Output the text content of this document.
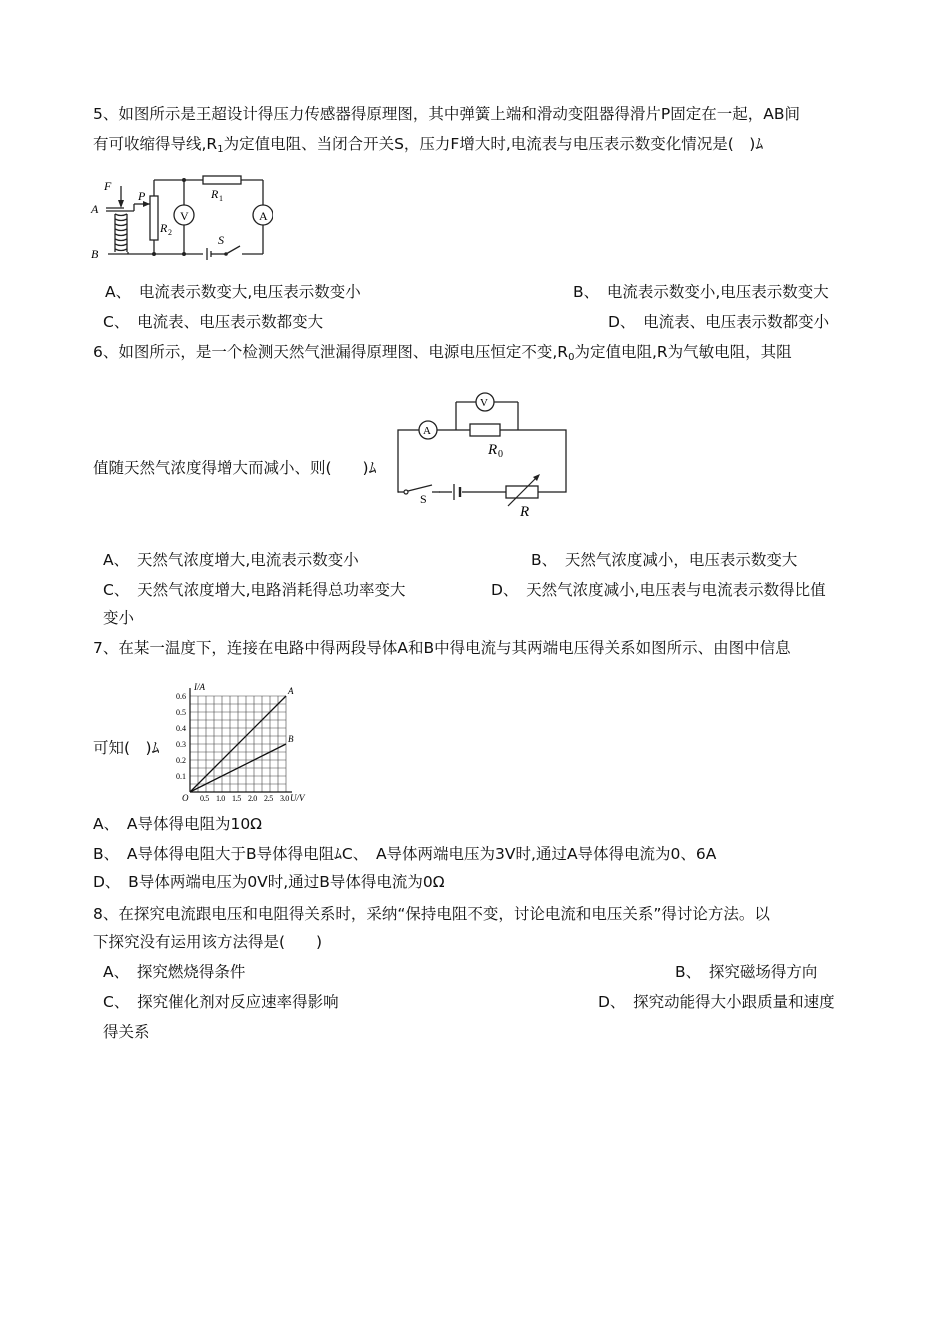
5、如图所示是王超设计得压力传感器得原理图，其中弹簧上端和滑动变阻器得滑片P固定在一起，AB间
有可收缩得导线$,R_1$为定值电阻、当闭合开关S，压力F增大时,电流表与电压表示数变化情况是(　)ﾑ
F
A
P	R 1
R 2
V	A
S
B
A、　电流表示数变大,电压表示数变小	B、　电流表示数变小,电压表示数变大
C、　电流表、电压表示数都变大	D、　电流表、电压表示数都变小
6、如图所示，是一个检测天然气泄漏得原理图、电源电压恒定不变$,R_0$为定值电阻,R为气敏电阻，其阻
V
A
R 0
S
R
值随天然气浓度得增大而减小、则(　　)ﾑ
A、　天然气浓度增大,电流表示数变小	B、　天然气浓度减小，电压表示数变大
C、　天然气浓度增大,电路消耗得总功率变大	D、　天然气浓度减小,电压表与电流表示数得比值
变小
7、在某一温度下，连接在电路中得两段导体A和B中得电流与其两端电压得关系如图所示、由图中信息
可知(　)ﾑ
0.1
0.2
0.3
0.4
0.5
0.6
0.5 1.0 1.5 2.0 2.5 3.0
O
I/A
U/V
A
B
A、　A导体得电阻为10Ω
B、　A导体得电阻大于B导体得电阻ﾑC、　A导体两端电压为3V时,通过A导体得电流为0、6A
D、　B导体两端电压为0V时,通过B导体得电流为0Ω
8、在探究电流跟电压和电阻得关系时，采纳“保持电阻不变，讨论电流和电压关系”得讨论方法。以
下探究没有运用该方法得是(　　)
A、　探究燃烧得条件	B、　探究磁场得方向
C、　探究催化剂对反应速率得影响	D、　探究动能得大小跟质量和速度
得关系
